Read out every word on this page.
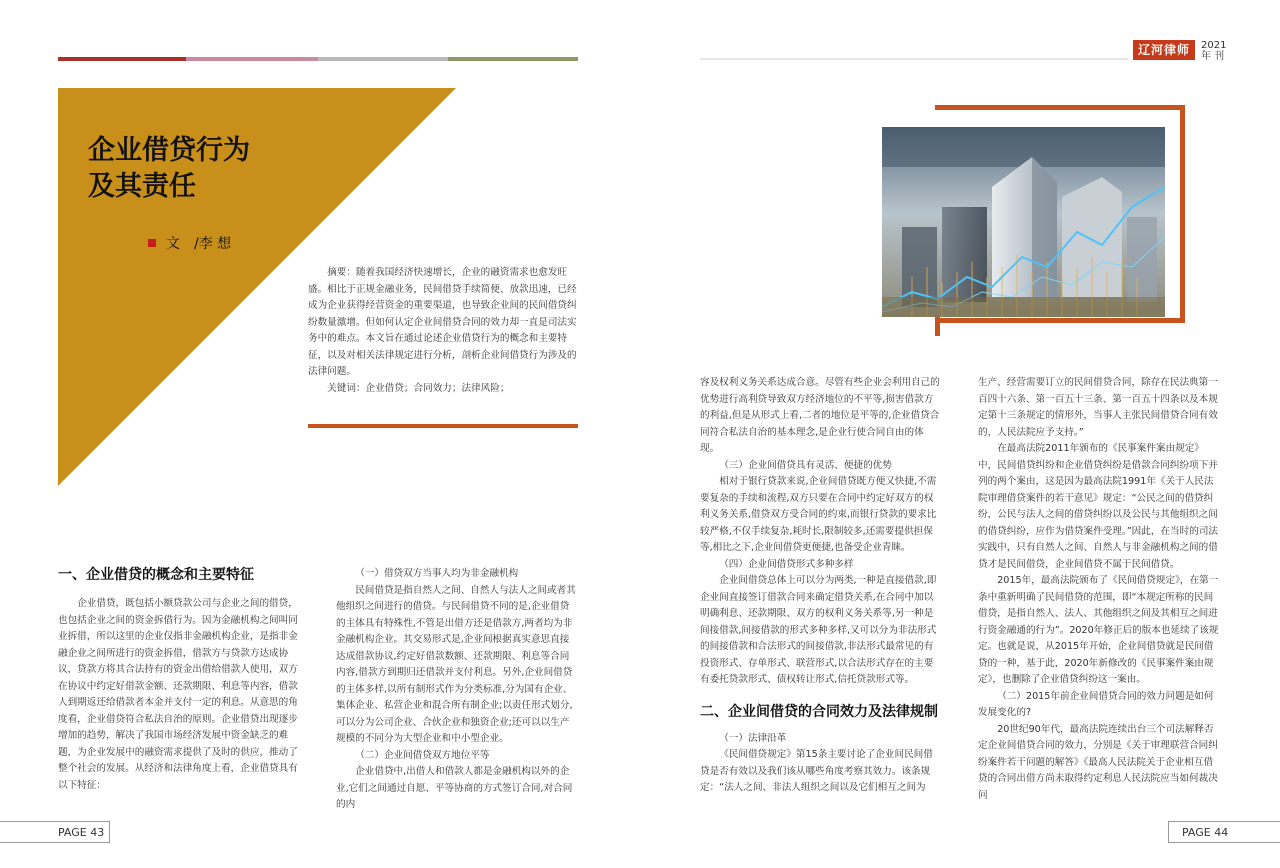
辽河律师	2021
年 刊
企业借贷行为
及其责任
文　/李 想

摘要：随着我国经济快速增长，企业的融资需求也愈发旺盛。相比于正规金融业务，民间借贷手续简便、放款迅速，已经成为企业获得经营资金的重要渠道，也导致企业间的民间借贷纠纷数量激增。但如何认定企业间借贷合同的效力却一直是司法实务中的难点。本文旨在通过论述企业借贷行为的概念和主要特征，以及对相关法律规定进行分析，剖析企业间借贷行为涉及的法律问题。

关键词：企业借贷；合同效力；法律风险；

一、企业借贷的概念和主要特征

企业借贷，既包括小额贷款公司与企业之间的借贷，也包括企业之间的资金拆借行为。因为金融机构之间叫同业拆借，所以这里的企业仅指非金融机构企业，是指非金融企业之间所进行的资金拆借，借款方与贷款方达成协议，贷款方将其合法持有的资金出借给借款人使用，双方在协议中约定好借款金额、还款期限、利息等内容，借款人到期返还给借款者本金并支付一定的利息。从意思的角度看，企业借贷符合私法自治的原则。企业借贷出现逐步增加的趋势，解决了我国市场经济发展中资金缺乏的难题，为企业发展中的融资需求提供了及时的供应，推动了整个社会的发展。从经济和法律角度上看，企业借贷具有以下特征：

（一）借贷双方当事人均为非金融机构

民间借贷是指自然人之间、自然人与法人之间或者其他组织之间进行的借贷。与民间借贷不同的是,企业借贷的主体具有特殊性,不管是出借方还是借款方,两者均为非金融机构企业。其交易形式是,企业间根据真实意思直接达成借款协议,约定好借款数额、还款期限、利息等合同内容,借款方到期归还借款并支付利息。另外,企业间借贷的主体多样,以所有制形式作为分类标准,分为国有企业、集体企业、私营企业和混合所有制企业;以责任形式划分,可以分为公司企业、合伙企业和独资企业;还可以以生产规模的不同分为大型企业和中小型企业。

（二）企业间借贷双方地位平等

企业借贷中,出借人和借款人都是金融机构以外的企业,它们之间通过自愿、平等协商的方式签订合同,对合同的内

容及权利义务关系达成合意。尽管有些企业会利用自己的优势进行高利贷导致双方经济地位的不平等,损害借款方的利益,但是从形式上看,二者的地位是平等的,企业借贷合同符合私法自治的基本理念,是企业行使合同自由的体现。

（三）企业间借贷具有灵活、便捷的优势

相对于银行贷款来说,企业间借贷既方便又快捷,不需要复杂的手续和流程,双方只要在合同中约定好双方的权利义务关系,借贷双方受合同的约束,而银行贷款的要求比较严格,不仅手续复杂,耗时长,限制较多,还需要提供担保等,相比之下,企业间借贷更便捷,也备受企业青睐。

（四）企业间借贷形式多种多样

企业间借贷总体上可以分为两类,一种是直接借款,即企业间直接签订借款合同来确定借贷关系,在合同中加以明确利息、还款期限、双方的权利义务关系等,另一种是间接借款,间接借款的形式多种多样,又可以分为非法形式的间接借款和合法形式的间接借款,非法形式最常见的有投资形式、存单形式、联营形式,以合法形式存在的主要有委托贷款形式、债权转让形式,信托贷款形式等。

二、企业间借贷的合同效力及法律规制

（一）法律沿革

《民间借贷规定》第15条主要讨论了企业间民间借贷是否有效以及我们该从哪些角度考察其效力。该条规定：“法人之间、非法人组织之间以及它们相互之间为

生产、经营需要订立的民间借贷合同，除存在民法典第一百四十六条、第一百五十三条、第一百五十四条以及本规定第十三条规定的情形外，当事人主张民间借贷合同有效的，人民法院应予支持。”

在最高法院2011年颁布的《民事案件案由规定》中，民间借贷纠纷和企业借贷纠纷是借款合同纠纷项下并列的两个案由，这是因为最高法院1991年《关于人民法院审理借贷案件的若干意见》规定：“公民之间的借贷纠纷，公民与法人之间的借贷纠纷以及公民与其他组织之间的借贷纠纷，应作为借贷案件受理。”因此，在当时的司法实践中，只有自然人之间、自然人与非金融机构之间的借贷才是民间借贷，企业间借贷不属于民间借贷。

2015年，最高法院颁布了《民间借贷规定》，在第一条中重新明确了民间借贷的范围，即“本规定所称的民间借贷，是指自然人、法人、其他组织之间及其相互之间进行资金融通的行为”。2020年修正后的版本也延续了该规定。也就是说，从2015年开始，企业间借贷就是民间借贷的一种，基于此，2020年新修改的《民事案件案由规定》，也删除了企业借贷纠纷这一案由。

（二）2015年前企业间借贷合同的效力问题是如何发展变化的?

20世纪90年代，最高法院连续出台三个司法解释否定企业间借贷合同的效力，分别是《关于审理联营合同纠纷案件若干问题的解答》《最高人民法院关于企业相互借贷的合同出借方尚未取得约定利息人民法院应当如何裁决问

PAGE 43	PAGE 44
